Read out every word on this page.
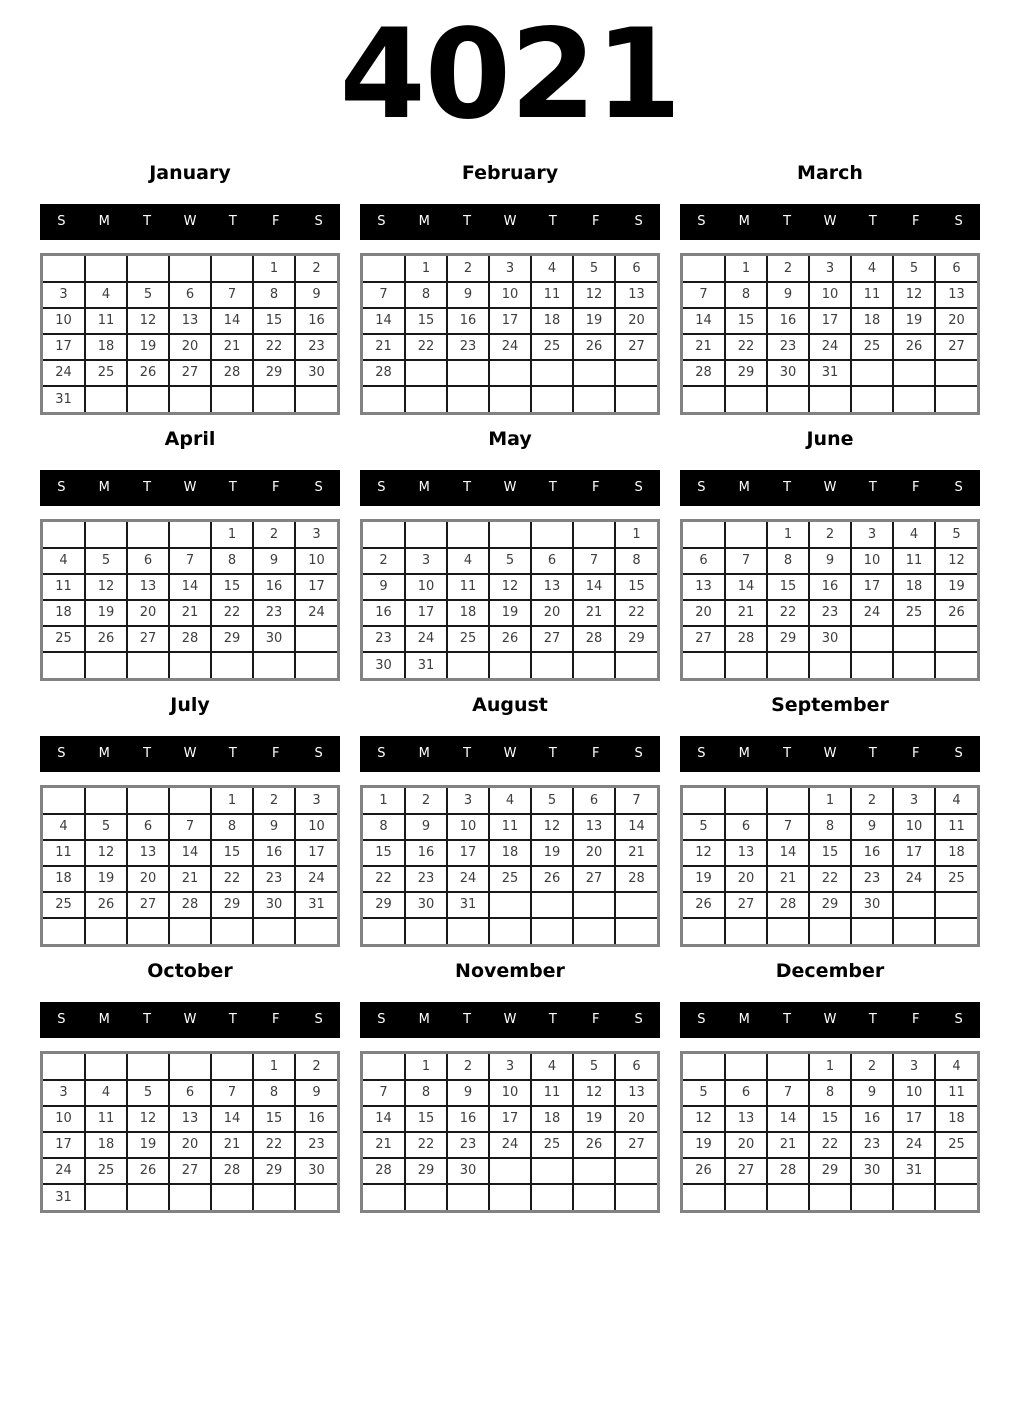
4021
January
S	M	T	W	T	F	S
					1	2
3	4	5	6	7	8	9
10	11	12	13	14	15	16
17	18	19	20	21	22	23
24	25	26	27	28	29	30
31						
February
S	M	T	W	T	F	S
	1	2	3	4	5	6
7	8	9	10	11	12	13
14	15	16	17	18	19	20
21	22	23	24	25	26	27
28						

March
S	M	T	W	T	F	S
	1	2	3	4	5	6
7	8	9	10	11	12	13
14	15	16	17	18	19	20
21	22	23	24	25	26	27
28	29	30	31			

April
S	M	T	W	T	F	S
				1	2	3
4	5	6	7	8	9	10
11	12	13	14	15	16	17
18	19	20	21	22	23	24
25	26	27	28	29	30	

May
S	M	T	W	T	F	S
						1
2	3	4	5	6	7	8
9	10	11	12	13	14	15
16	17	18	19	20	21	22
23	24	25	26	27	28	29
30	31					
June
S	M	T	W	T	F	S
		1	2	3	4	5
6	7	8	9	10	11	12
13	14	15	16	17	18	19
20	21	22	23	24	25	26
27	28	29	30			

July
S	M	T	W	T	F	S
				1	2	3
4	5	6	7	8	9	10
11	12	13	14	15	16	17
18	19	20	21	22	23	24
25	26	27	28	29	30	31

August
S	M	T	W	T	F	S
1	2	3	4	5	6	7
8	9	10	11	12	13	14
15	16	17	18	19	20	21
22	23	24	25	26	27	28
29	30	31				

September
S	M	T	W	T	F	S
			1	2	3	4
5	6	7	8	9	10	11
12	13	14	15	16	17	18
19	20	21	22	23	24	25
26	27	28	29	30		

October
S	M	T	W	T	F	S
					1	2
3	4	5	6	7	8	9
10	11	12	13	14	15	16
17	18	19	20	21	22	23
24	25	26	27	28	29	30
31						
November
S	M	T	W	T	F	S
	1	2	3	4	5	6
7	8	9	10	11	12	13
14	15	16	17	18	19	20
21	22	23	24	25	26	27
28	29	30				

December
S	M	T	W	T	F	S
			1	2	3	4
5	6	7	8	9	10	11
12	13	14	15	16	17	18
19	20	21	22	23	24	25
26	27	28	29	30	31	
